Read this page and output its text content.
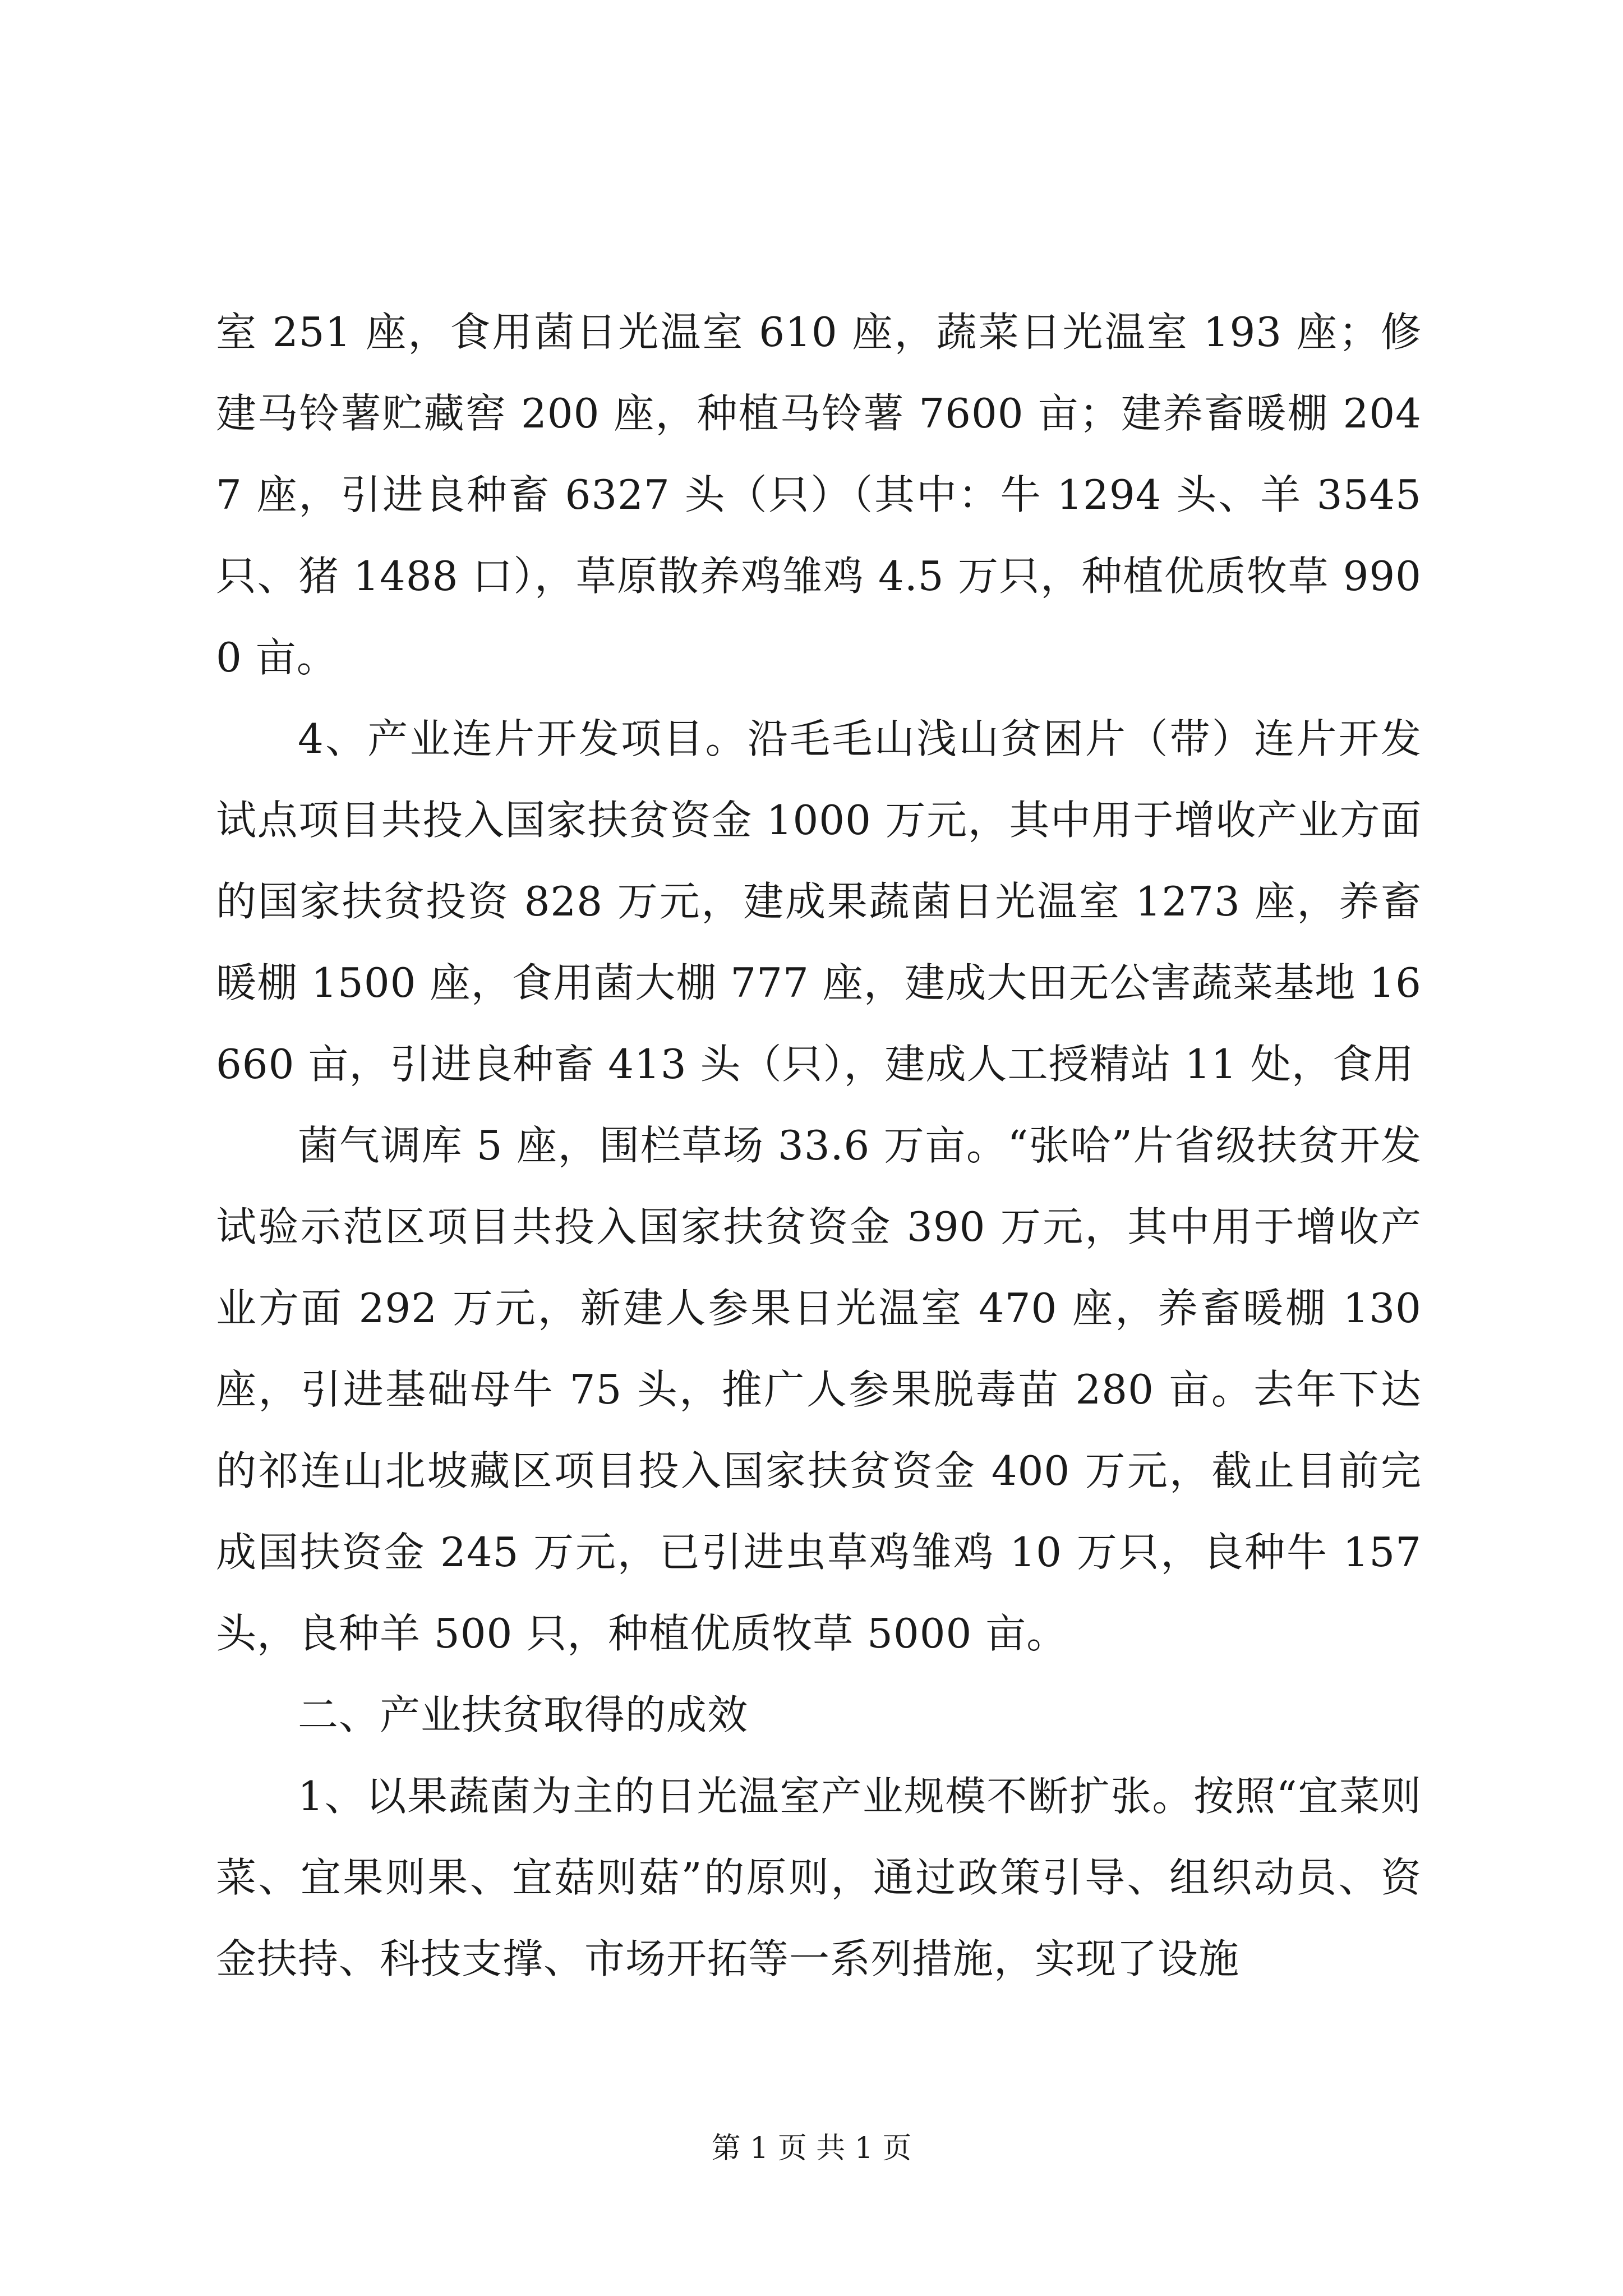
室 251 座，食用菌日光温室 610 座，蔬菜日光温室 193 座；修建马铃薯贮藏窖 200 座，种植马铃薯 7600 亩；建养畜暖棚 2047 座，引进良种畜 6327 头（只）（其中：牛 1294 头、羊 3545 只、猪 1488 口），草原散养鸡雏鸡 4.5 万只，种植优质牧草 9900 亩。

4、产业连片开发项目。沿毛毛山浅山贫困片（带）连片开发试点项目共投入国家扶贫资金 1000 万元，其中用于增收产业方面的国家扶贫投资 828 万元，建成果蔬菌日光温室 1273 座，养畜暖棚 1500 座，食用菌大棚 777 座，建成大田无公害蔬菜基地 16660 亩，引进良种畜 413 头（只），建成人工授精站 11 处，食用

菌气调库 5 座，围栏草场 33.6 万亩。“张哈”片省级扶贫开发试验示范区项目共投入国家扶贫资金 390 万元，其中用于增收产业方面 292 万元，新建人参果日光温室 470 座，养畜暖棚 130 座，引进基础母牛 75 头，推广人参果脱毒苗 280 亩。去年下达的祁连山北坡藏区项目投入国家扶贫资金 400 万元，截止目前完成国扶资金 245 万元，已引进虫草鸡雏鸡 10 万只，良种牛 157 头，良种羊 500 只，种植优质牧草 5000 亩。

二、产业扶贫取得的成效

1、以果蔬菌为主的日光温室产业规模不断扩张。按照“宜菜则菜、宜果则果、宜菇则菇”的原则，通过政策引导、组织动员、资金扶持、科技支撑、市场开拓等一系列措施，实现了设施

第 1 页 共 1 页
